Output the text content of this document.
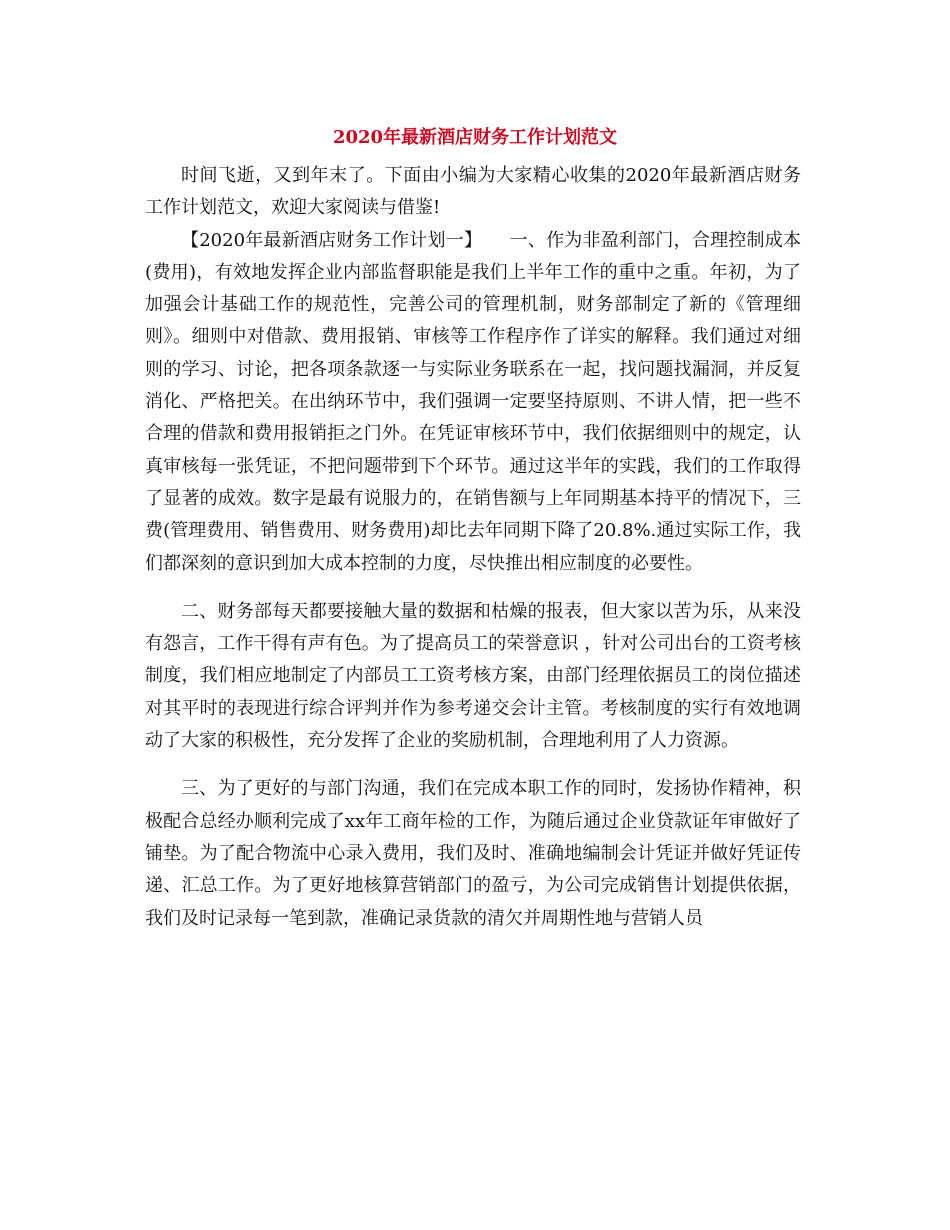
2020年最新酒店财务工作计划范文

时间飞逝，又到年末了。下面由小编为大家精心收集的2020年最新酒店财务工作计划范文，欢迎大家阅读与借鉴!

【2020年最新酒店财务工作计划一】　　一、作为非盈利部门，合理控制成本(费用)，有效地发挥企业内部监督职能是我们上半年工作的重中之重。年初，为了加强会计基础工作的规范性，完善公司的管理机制，财务部制定了新的《管理细则》。细则中对借款、费用报销、审核等工作程序作了详实的解释。我们通过对细则的学习、讨论，把各项条款逐一与实际业务联系在一起，找问题找漏洞，并反复消化、严格把关。在出纳环节中，我们强调一定要坚持原则、不讲人情，把一些不合理的借款和费用报销拒之门外。在凭证审核环节中，我们依据细则中的规定，认真审核每一张凭证，不把问题带到下个环节。通过这半年的实践，我们的工作取得了显著的成效。数字是最有说服力的，在销售额与上年同期基本持平的情况下，三费(管理费用、销售费用、财务费用)却比去年同期下降了20.8%.通过实际工作，我们都深刻的意识到加大成本控制的力度，尽快推出相应制度的必要性。

二、财务部每天都要接触大量的数据和枯燥的报表，但大家以苦为乐，从来没有怨言，工作干得有声有色。为了提高员工的荣誉意识 ，针对公司出台的工资考核制度，我们相应地制定了内部员工工资考核方案，由部门经理依据员工的岗位描述对其平时的表现进行综合评判并作为参考递交会计主管。考核制度的实行有效地调动了大家的积极性，充分发挥了企业的奖励机制，合理地利用了人力资源。

三、为了更好的与部门沟通，我们在完成本职工作的同时，发扬协作精神，积极配合总经办顺利完成了xx年工商年检的工作，为随后通过企业贷款证年审做好了铺垫。为了配合物流中心录入费用，我们及时、准确地编制会计凭证并做好凭证传递、汇总工作。为了更好地核算营销部门的盈亏，为公司完成销售计划提供依据，我们及时记录每一笔到款，准确记录货款的清欠并周期性地与营销人员
